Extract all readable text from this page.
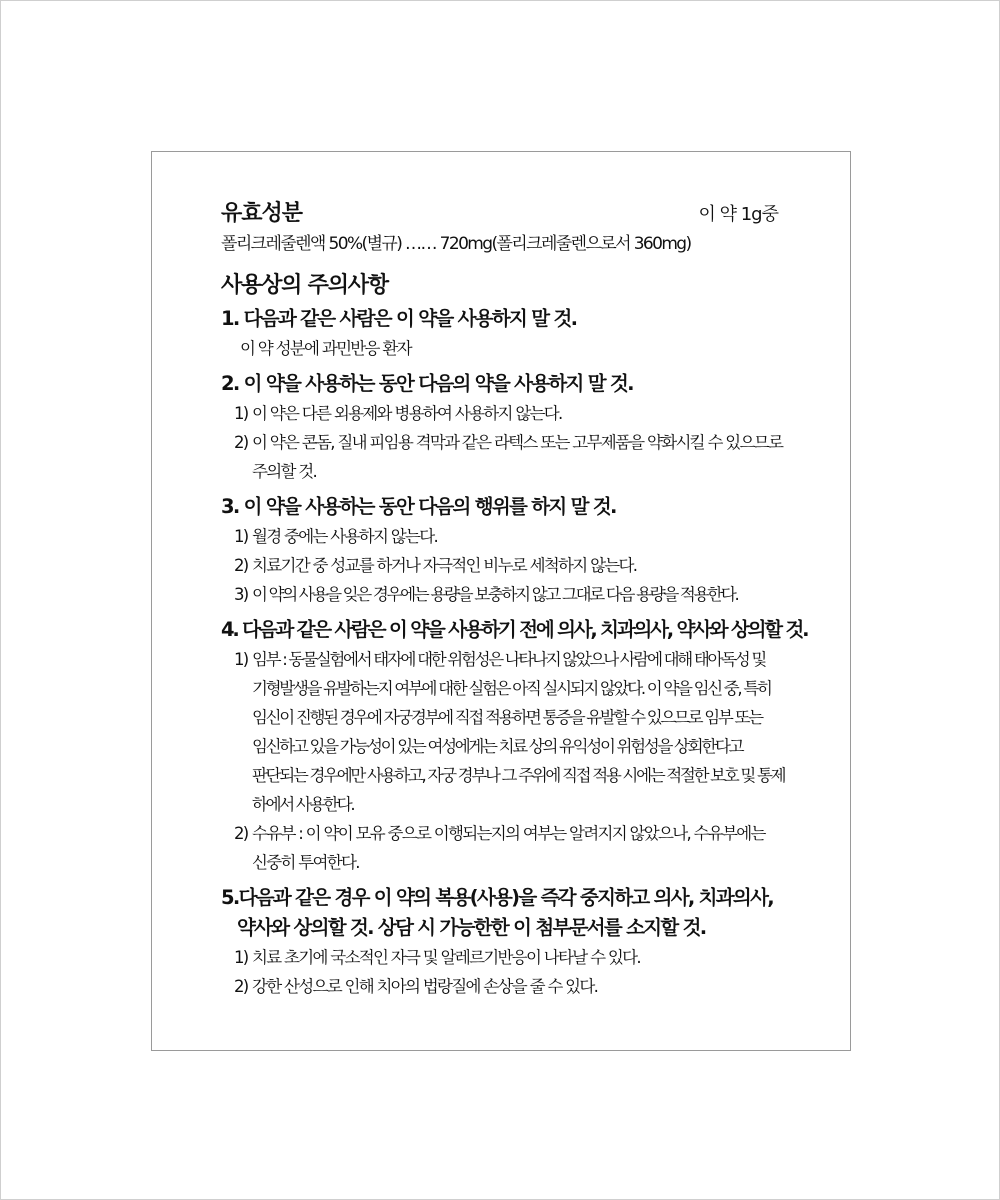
유효성분	이 약 1g중
폴리크레줄렌액 50%(별규) …… 720mg(폴리크레줄렌으로서 360mg)
사용상의 주의사항
1. 다음과 같은 사람은 이 약을 사용하지 말 것.
이 약 성분에 과민반응 환자
2. 이 약을 사용하는 동안 다음의 약을 사용하지 말 것.
1) 이 약은 다른 외용제와 병용하여 사용하지 않는다.
2) 이 약은 콘돔, 질내 피임용 격막과 같은 라텍스 또는 고무제품을 약화시킬 수 있으므로 주의할 것.
3. 이 약을 사용하는 동안 다음의 행위를 하지 말 것.
1) 월경 중에는 사용하지 않는다.
2) 치료기간 중 성교를 하거나 자극적인 비누로 세척하지 않는다.
3) 이 약의 사용을 잊은 경우에는 용량을 보충하지 않고 그대로 다음 용량을 적용한다.
4. 다음과 같은 사람은 이 약을 사용하기 전에 의사, 치과의사, 약사와 상의할 것.
1) 임부 : 동물실험에서 태자에 대한 위험성은 나타나지 않았으나 사람에 대해 태아독성 및 기형발생을 유발하는지 여부에 대한 실험은 아직 실시되지 않았다. 이 약을 임신 중, 특히 임신이 진행된 경우에 자궁경부에 직접 적용하면 통증을 유발할 수 있으므로 임부 또는 임신하고 있을 가능성이 있는 여성에게는 치료 상의 유익성이 위험성을 상회한다고 판단되는 경우에만 사용하고, 자궁 경부나 그 주위에 직접 적용 시에는 적절한 보호 및 통제 하에서 사용한다.
2) 수유부 : 이 약이 모유 중으로 이행되는지의 여부는 알려지지 않았으나, 수유부에는 신중히 투여한다.
5.다음과 같은 경우 이 약의 복용(사용)을 즉각 중지하고 의사, 치과의사,
약사와 상의할 것. 상담 시 가능한한 이 첨부문서를 소지할 것.
1) 치료 초기에 국소적인 자극 및 알레르기반응이 나타날 수 있다.
2) 강한 산성으로 인해 치아의 법랑질에 손상을 줄 수 있다.
